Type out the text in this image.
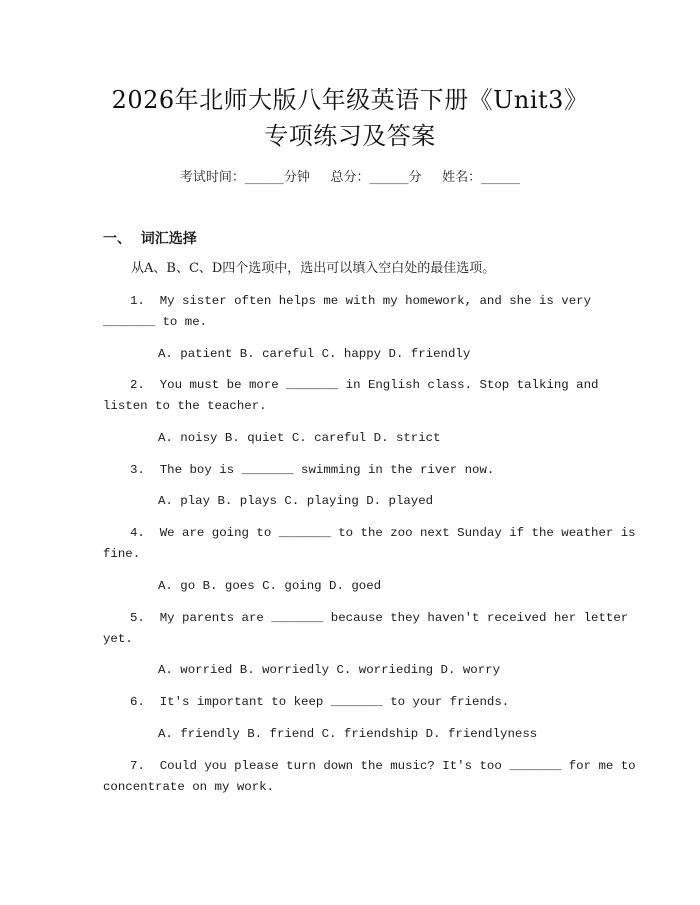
2026年北师大版八年级英语下册《Unit3》
专项练习及答案
考试时间：______分钟     总分：______分     姓名：______
一、  词汇选择
从A、B、C、D四个选项中，选出可以填入空白处的最佳选项。
1.  My sister often helps me with my homework, and she is very
_______ to me.
A. patient B. careful C. happy D. friendly
2.  You must be more _______ in English class. Stop talking and
listen to the teacher.
A. noisy B. quiet C. careful D. strict
3.  The boy is _______ swimming in the river now.
A. play B. plays C. playing D. played
4.  We are going to _______ to the zoo next Sunday if the weather is
fine.
A. go B. goes C. going D. goed
5.  My parents are _______ because they haven't received her letter
yet.
A. worried B. worriedly C. worrieding D. worry
6.  It's important to keep _______ to your friends.
A. friendly B. friend C. friendship D. friendlyness
7.  Could you please turn down the music? It's too _______ for me to
concentrate on my work.
